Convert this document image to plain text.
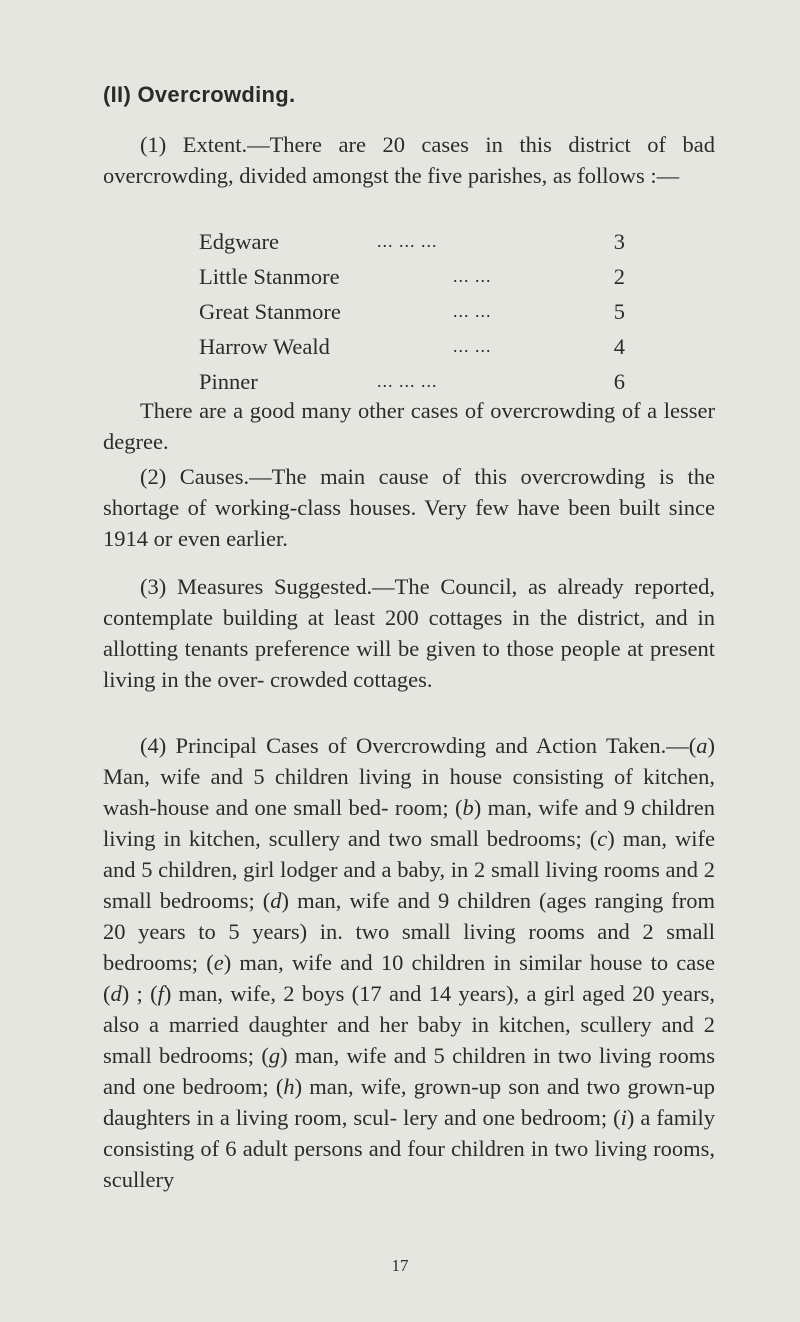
(II) Overcrowding.

(1) Extent.—There are 20 cases in this district of bad overcrowding, divided amongst the five parishes, as follows :—

Edgware	... ... ...	3
Little Stanmore	... ...	2
Great Stanmore	... ...	5
Harrow Weald	... ...	4
Pinner	... ... ...	6

There are a good many other cases of overcrowding of a lesser degree.

(2) Causes.—The main cause of this overcrowding is the shortage of working-class houses. Very few have been built since 1914 or even earlier.

(3) Measures Suggested.—The Council, as already reported, contemplate building at least 200 cottages in the district, and in allotting tenants preference will be given to those people at present living in the over- crowded cottages.

(4) Principal Cases of Overcrowding and Action Taken.—(a) Man, wife and 5 children living in house consisting of kitchen, wash-house and one small bed- room; (b) man, wife and 9 children living in kitchen, scullery and two small bedrooms; (c) man, wife and 5 children, girl lodger and a baby, in 2 small living rooms and 2 small bedrooms; (d) man, wife and 9 children (ages ranging from 20 years to 5 years) in. two small living rooms and 2 small bedrooms; (e) man, wife and 10 children in similar house to case (d) ; (f) man, wife, 2 boys (17 and 14 years), a girl aged 20 years, also a married daughter and her baby in kitchen, scullery and 2 small bedrooms; (g) man, wife and 5 children in two living rooms and one bedroom; (h) man, wife, grown-up son and two grown-up daughters in a living room, scul- lery and one bedroom; (i) a family consisting of 6 adult persons and four children in two living rooms, scullery

17
